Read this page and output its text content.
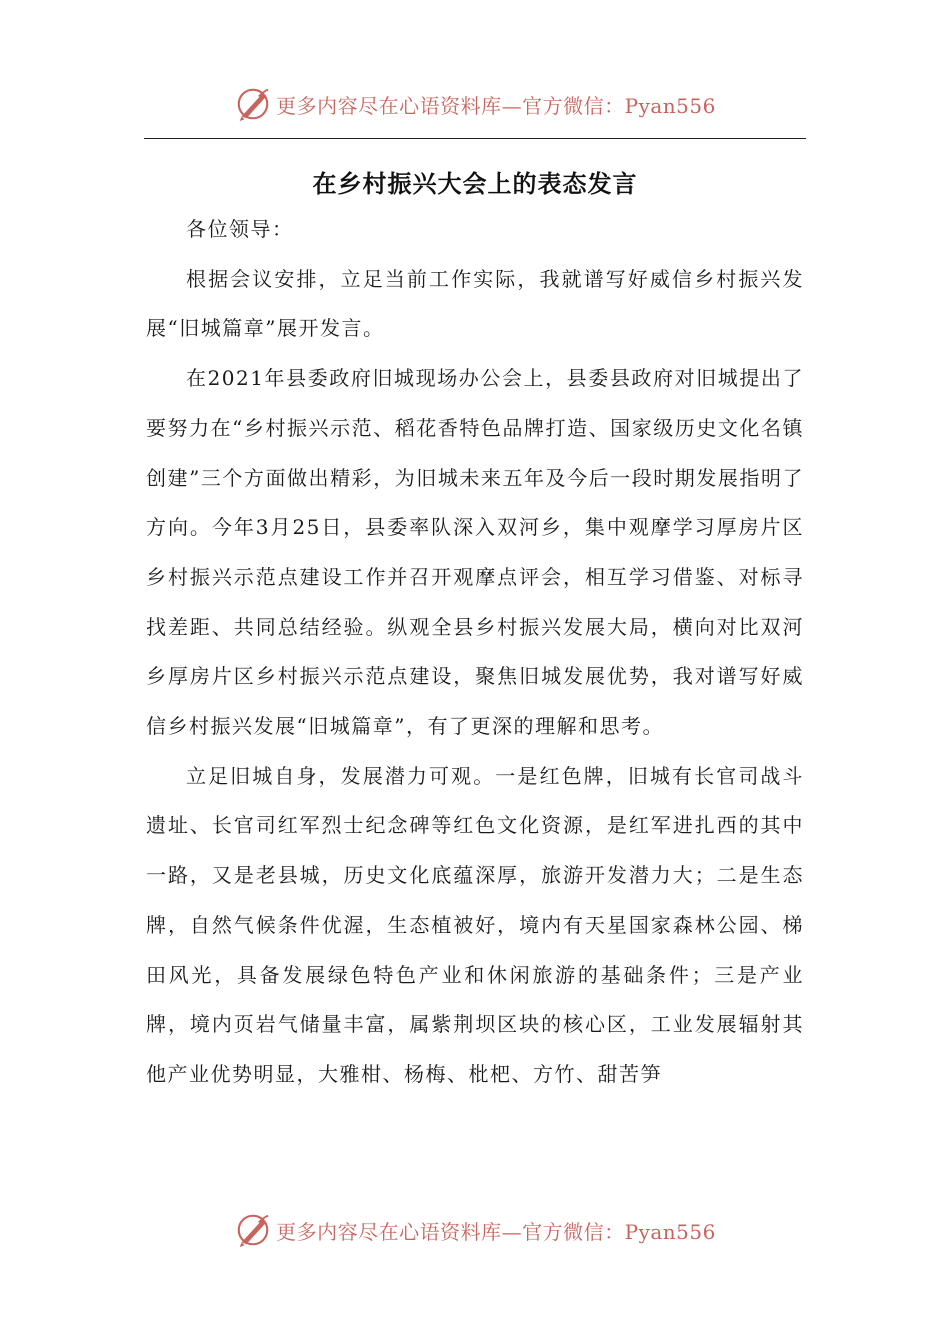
更多内容尽在心语资料库—官方微信：Pyan556
在乡村振兴大会上的表态发言

各位领导：

根据会议安排，立足当前工作实际，我就谱写好威信乡村振兴发展“旧城篇章”展开发言。

在2021年县委政府旧城现场办公会上，县委县政府对旧城提出了要努力在“乡村振兴示范、稻花香特色品牌打造、国家级历史文化名镇创建”三个方面做出精彩，为旧城未来五年及今后一段时期发展指明了方向。今年3月25日，县委率队深入双河乡，集中观摩学习厚房片区乡村振兴示范点建设工作并召开观摩点评会，相互学习借鉴、对标寻找差距、共同总结经验。纵观全县乡村振兴发展大局，横向对比双河乡厚房片区乡村振兴示范点建设，聚焦旧城发展优势，我对谱写好威信乡村振兴发展“旧城篇章”，有了更深的理解和思考。

立足旧城自身，发展潜力可观。一是红色牌，旧城有长官司战斗遗址、长官司红军烈士纪念碑等红色文化资源，是红军进扎西的其中一路，又是老县城，历史文化底蕴深厚，旅游开发潜力大；二是生态牌，自然气候条件优渥，生态植被好，境内有天星国家森林公园、梯田风光，具备发展绿色特色产业和休闲旅游的基础条件；三是产业牌，境内页岩气储量丰富，属紫荆坝区块的核心区，工业发展辐射其他产业优势明显，大雅柑、杨梅、枇杷、方竹、甜苦笋

更多内容尽在心语资料库—官方微信：Pyan556
